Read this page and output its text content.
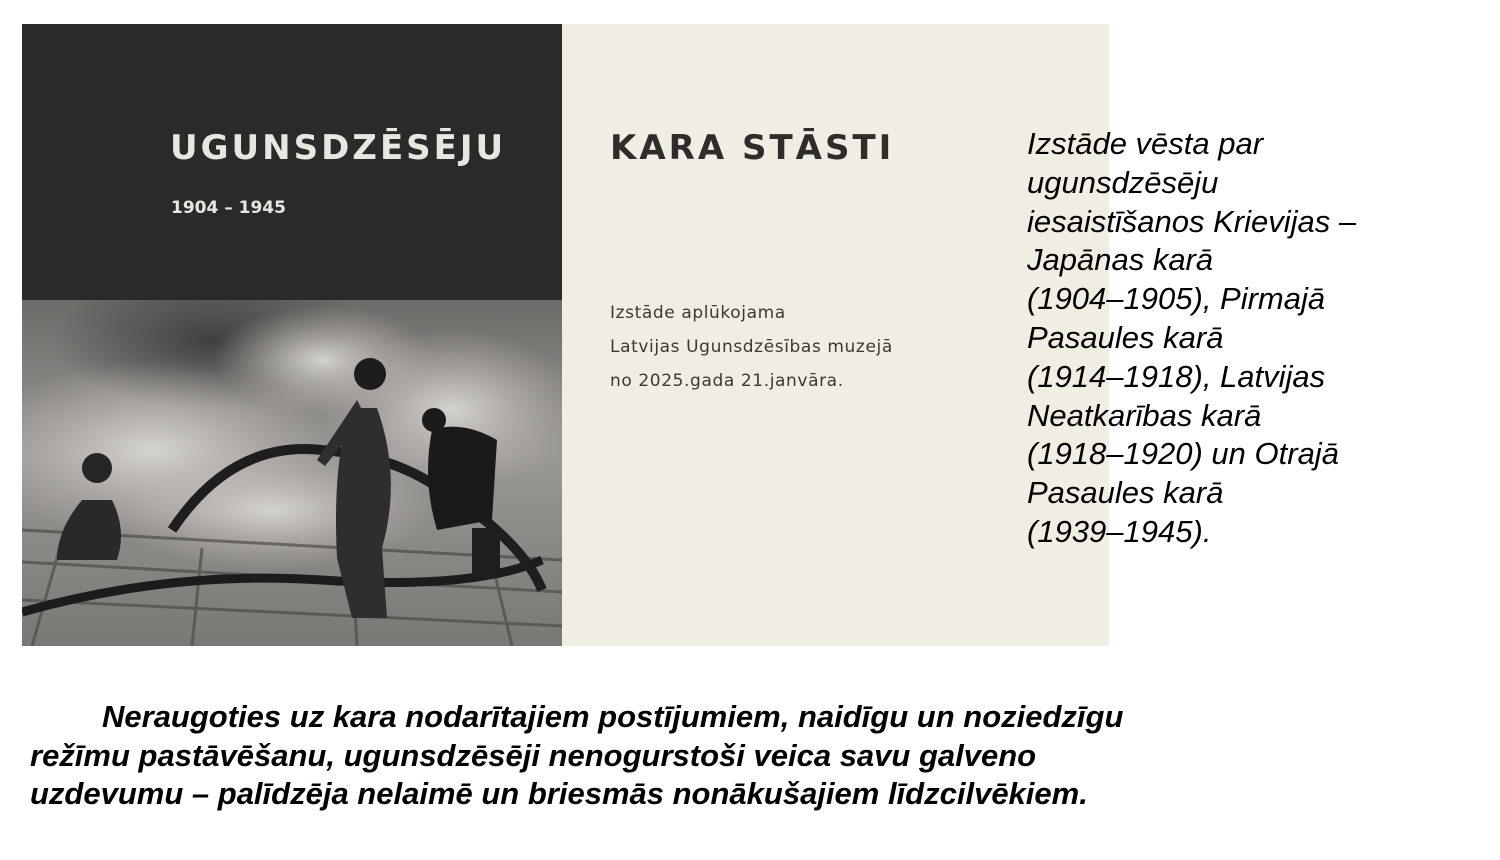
UGUNSDZĒSĒJU
1904 – 1945
KARA STĀSTI
Izstāde aplūkojama
Latvijas Ugunsdzēsības muzejā
no 2025.gada 21.janvāra.
Izstāde vēsta par
ugunsdzēsēju
iesaistīšanos Krievijas –
Japānas karā
(1904–1905), Pirmajā
Pasaules karā
(1914–1918), Latvijas
Neatkarības karā
(1918–1920) un Otrajā
Pasaules karā
(1939–1945).
Neraugoties uz kara nodarītajiem postījumiem, naidīgu un noziedzīgu
režīmu pastāvēšanu, ugunsdzēsēji nenogurstoši veica savu galveno
uzdevumu – palīdzēja nelaimē un briesmās nonākušajiem līdzcilvēkiem.
